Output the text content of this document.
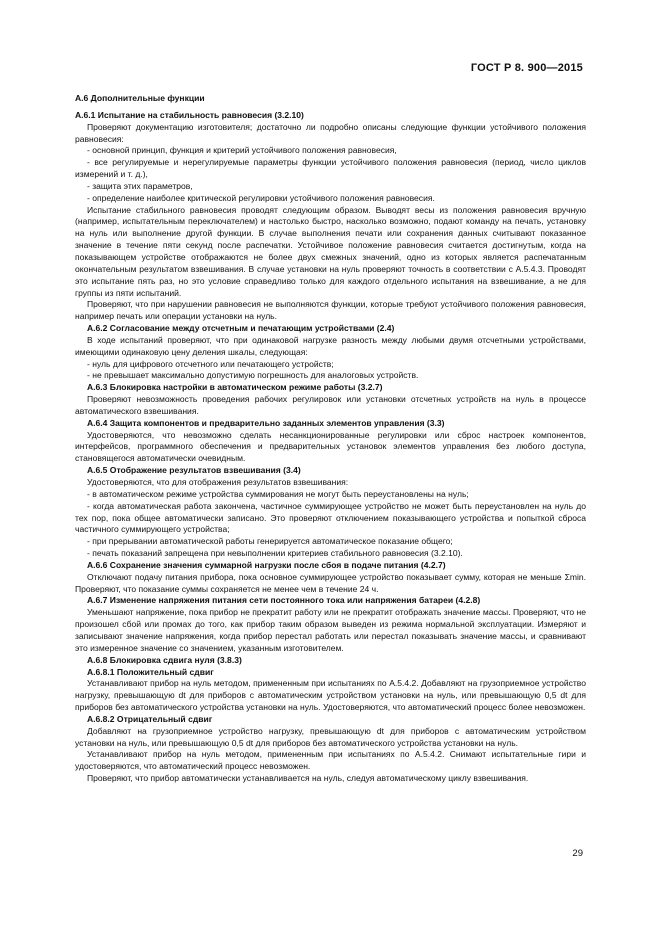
ГОСТ Р 8. 900—2015

А.6 Дополнительные функции

А.6.1 Испытание на стабильность равновесия (3.2.10)

Проверяют документацию изготовителя; достаточно ли подробно описаны следующие функции устойчивого положения равновесия:

- основной принцип, функция и критерий устойчивого положения равновесия,

- все регулируемые и нерегулируемые параметры функции устойчивого положения равновесия (период, число циклов измерений и т. д.),

- защита этих параметров,

- определение наиболее критической регулировки устойчивого положения равновесия.

Испытание стабильного равновесия проводят следующим образом. Выводят весы из положения равновесия вручную (например, испытательным переключателем) и настолько быстро, насколько возможно, подают команду на печать, установку на нуль или выполнение другой функции. В случае выполнения печати или сохранения данных считывают показанное значение в течение пяти секунд после распечатки. Устойчивое положение равновесия считается достигнутым, когда на показывающем устройстве отображаются не более двух смежных значений, одно из которых является распечатанным окончательным результатом взвешивания. В случае установки на нуль проверяют точность в соответствии с А.5.4.3. Проводят это испытание пять раз, но это условие справедливо только для каждого отдельного испытания на взвешивание, а не для группы из пяти испытаний.

Проверяют, что при нарушении равновесия не выполняются функции, которые требуют устойчивого положения равновесия, например печать или операции установки на нуль.

А.6.2 Согласование между отсчетным и печатающим устройствами (2.4)

В ходе испытаний проверяют, что при одинаковой нагрузке разность между любыми двумя отсчетными устройствами, имеющими одинаковую цену деления шкалы, следующая:

- нуль для цифрового отсчетного или печатающего устройств;

- не превышает максимально допустимую погрешность для аналоговых устройств.

А.6.3 Блокировка настройки в автоматическом режиме работы (3.2.7)

Проверяют невозможность проведения рабочих регулировок или установки отсчетных устройств на нуль в процессе автоматического взвешивания.

А.6.4 Защита компонентов и предварительно заданных элементов управления (3.3)

Удостоверяются, что невозможно сделать несанкционированные регулировки или сброс настроек компонентов, интерфейсов, программного обеспечения и предварительных установок элементов управления без любого доступа, становящегося автоматически очевидным.

А.6.5 Отображение результатов взвешивания (3.4)

Удостоверяются, что для отображения результатов взвешивания:

- в автоматическом режиме устройства суммирования не могут быть переустановлены на нуль;

- когда автоматическая работа закончена, частичное суммирующее устройство не может быть переустановлен на нуль до тех пор, пока общее автоматически записано. Это проверяют отключением показывающего устройства и попыткой сброса частичного суммирующего устройства;

- при прерывании автоматической работы генерируется автоматическое показание общего;

- печать показаний запрещена при невыполнении критериев стабильного равновесия (3.2.10).

А.6.6 Сохранение значения суммарной нагрузки после сбоя в подаче питания (4.2.7)

Отключают подачу питания прибора, пока основное суммирующее устройство показывает сумму, которая не меньше Σmin. Проверяют, что показание суммы сохраняется не менее чем в течение 24 ч.

А.6.7 Изменение напряжения питания сети постоянного тока или напряжения батареи (4.2.8)

Уменьшают напряжение, пока прибор не прекратит работу или не прекратит отображать значение массы. Проверяют, что не произошел сбой или промах до того, как прибор таким образом выведен из режима нормальной эксплуатации. Измеряют и записывают значение напряжения, когда прибор перестал работать или перестал показывать значение массы, и сравнивают это измеренное значение со значением, указанным изготовителем.

А.6.8 Блокировка сдвига нуля (3.8.3)

А.6.8.1 Положительный сдвиг

Устанавливают прибор на нуль методом, примененным при испытаниях по А.5.4.2. Добавляют на грузоприемное устройство нагрузку, превышающую dt для приборов с автоматическим устройством установки на нуль, или превышающую 0,5 dt для приборов без автоматического устройства установки на нуль. Удостоверяются, что автоматический процесс более невозможен.

А.6.8.2 Отрицательный сдвиг

Добавляют на грузоприемное устройство нагрузку, превышающую dt для приборов с автоматическим устройством установки на нуль, или превышающую 0,5 dt для приборов без автоматического устройства установки на нуль.

Устанавливают прибор на нуль методом, примененным при испытаниях по А.5.4.2. Снимают испытательные гири и удостоверяются, что автоматический процесс невозможен.

Проверяют, что прибор автоматически устанавливается на нуль, следуя автоматическому циклу взвешивания.

29
